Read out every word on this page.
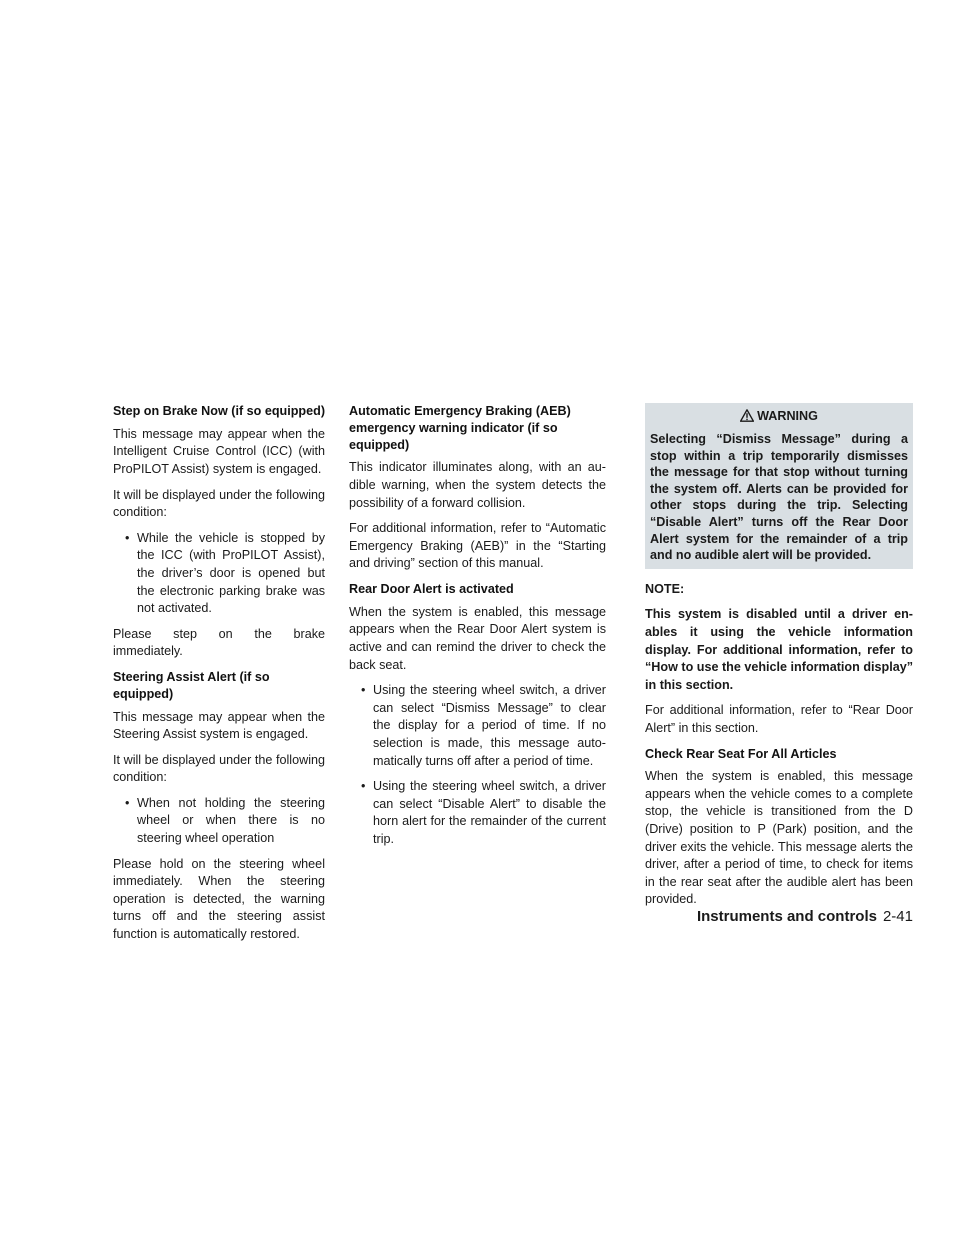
Step on Brake Now (if so equipped)

This message may appear when the Intelligent Cruise Control (ICC) (with ProPILOT Assist) system is engaged.

It will be displayed under the following condition:

• While the vehicle is stopped by the ICC (with ProPILOT Assist), the driver’s door is opened but the electronic parking brake was not activated.

Please step on the brake immediately.

Steering Assist Alert (if so equipped)

This message may appear when the Steering Assist system is engaged.

It will be displayed under the following condition:

• When not holding the steering wheel or when there is no steering wheel operation

Please hold on the steering wheel immediately. When the steering operation is detected, the warning turns off and the steering assist function is automatically restored.

Automatic Emergency Braking (AEB) emergency warning indicator (if so equipped)

This indicator illuminates along, with an audible warning, when the system detects the possibility of a forward collision.

For additional information, refer to “Automatic Emergency Braking (AEB)” in the “Starting and driving” section of this manual.

Rear Door Alert is activated

When the system is enabled, this message appears when the Rear Door Alert system is active and can remind the driver to check the back seat.

• Using the steering wheel switch, a driver can select “Dismiss Message” to clear the display for a period of time. If no selection is made, this message automatically turns off after a period of time.
• Using the steering wheel switch, a driver can select “Disable Alert” to disable the horn alert for the remainder of the current trip.
WARNING
Selecting “Dismiss Message” during a stop within a trip temporarily dismisses the message for that stop without turning the system off. Alerts can be provided for other stops during the trip. Selecting “Disable Alert” turns off the Rear Door Alert system for the remainder of a trip and no audible alert will be provided.

NOTE:

This system is disabled until a driver enables it using the vehicle information display. For additional information, refer to “How to use the vehicle information display” in this section.

For additional information, refer to “Rear Door Alert” in this section.

Check Rear Seat For All Articles

When the system is enabled, this message appears when the vehicle comes to a complete stop, the vehicle is transitioned from the D (Drive) position to P (Park) position, and the driver exits the vehicle. This message alerts the driver, after a period of time, to check for items in the rear seat after the audible alert has been provided.

Instruments and controls 2-41
